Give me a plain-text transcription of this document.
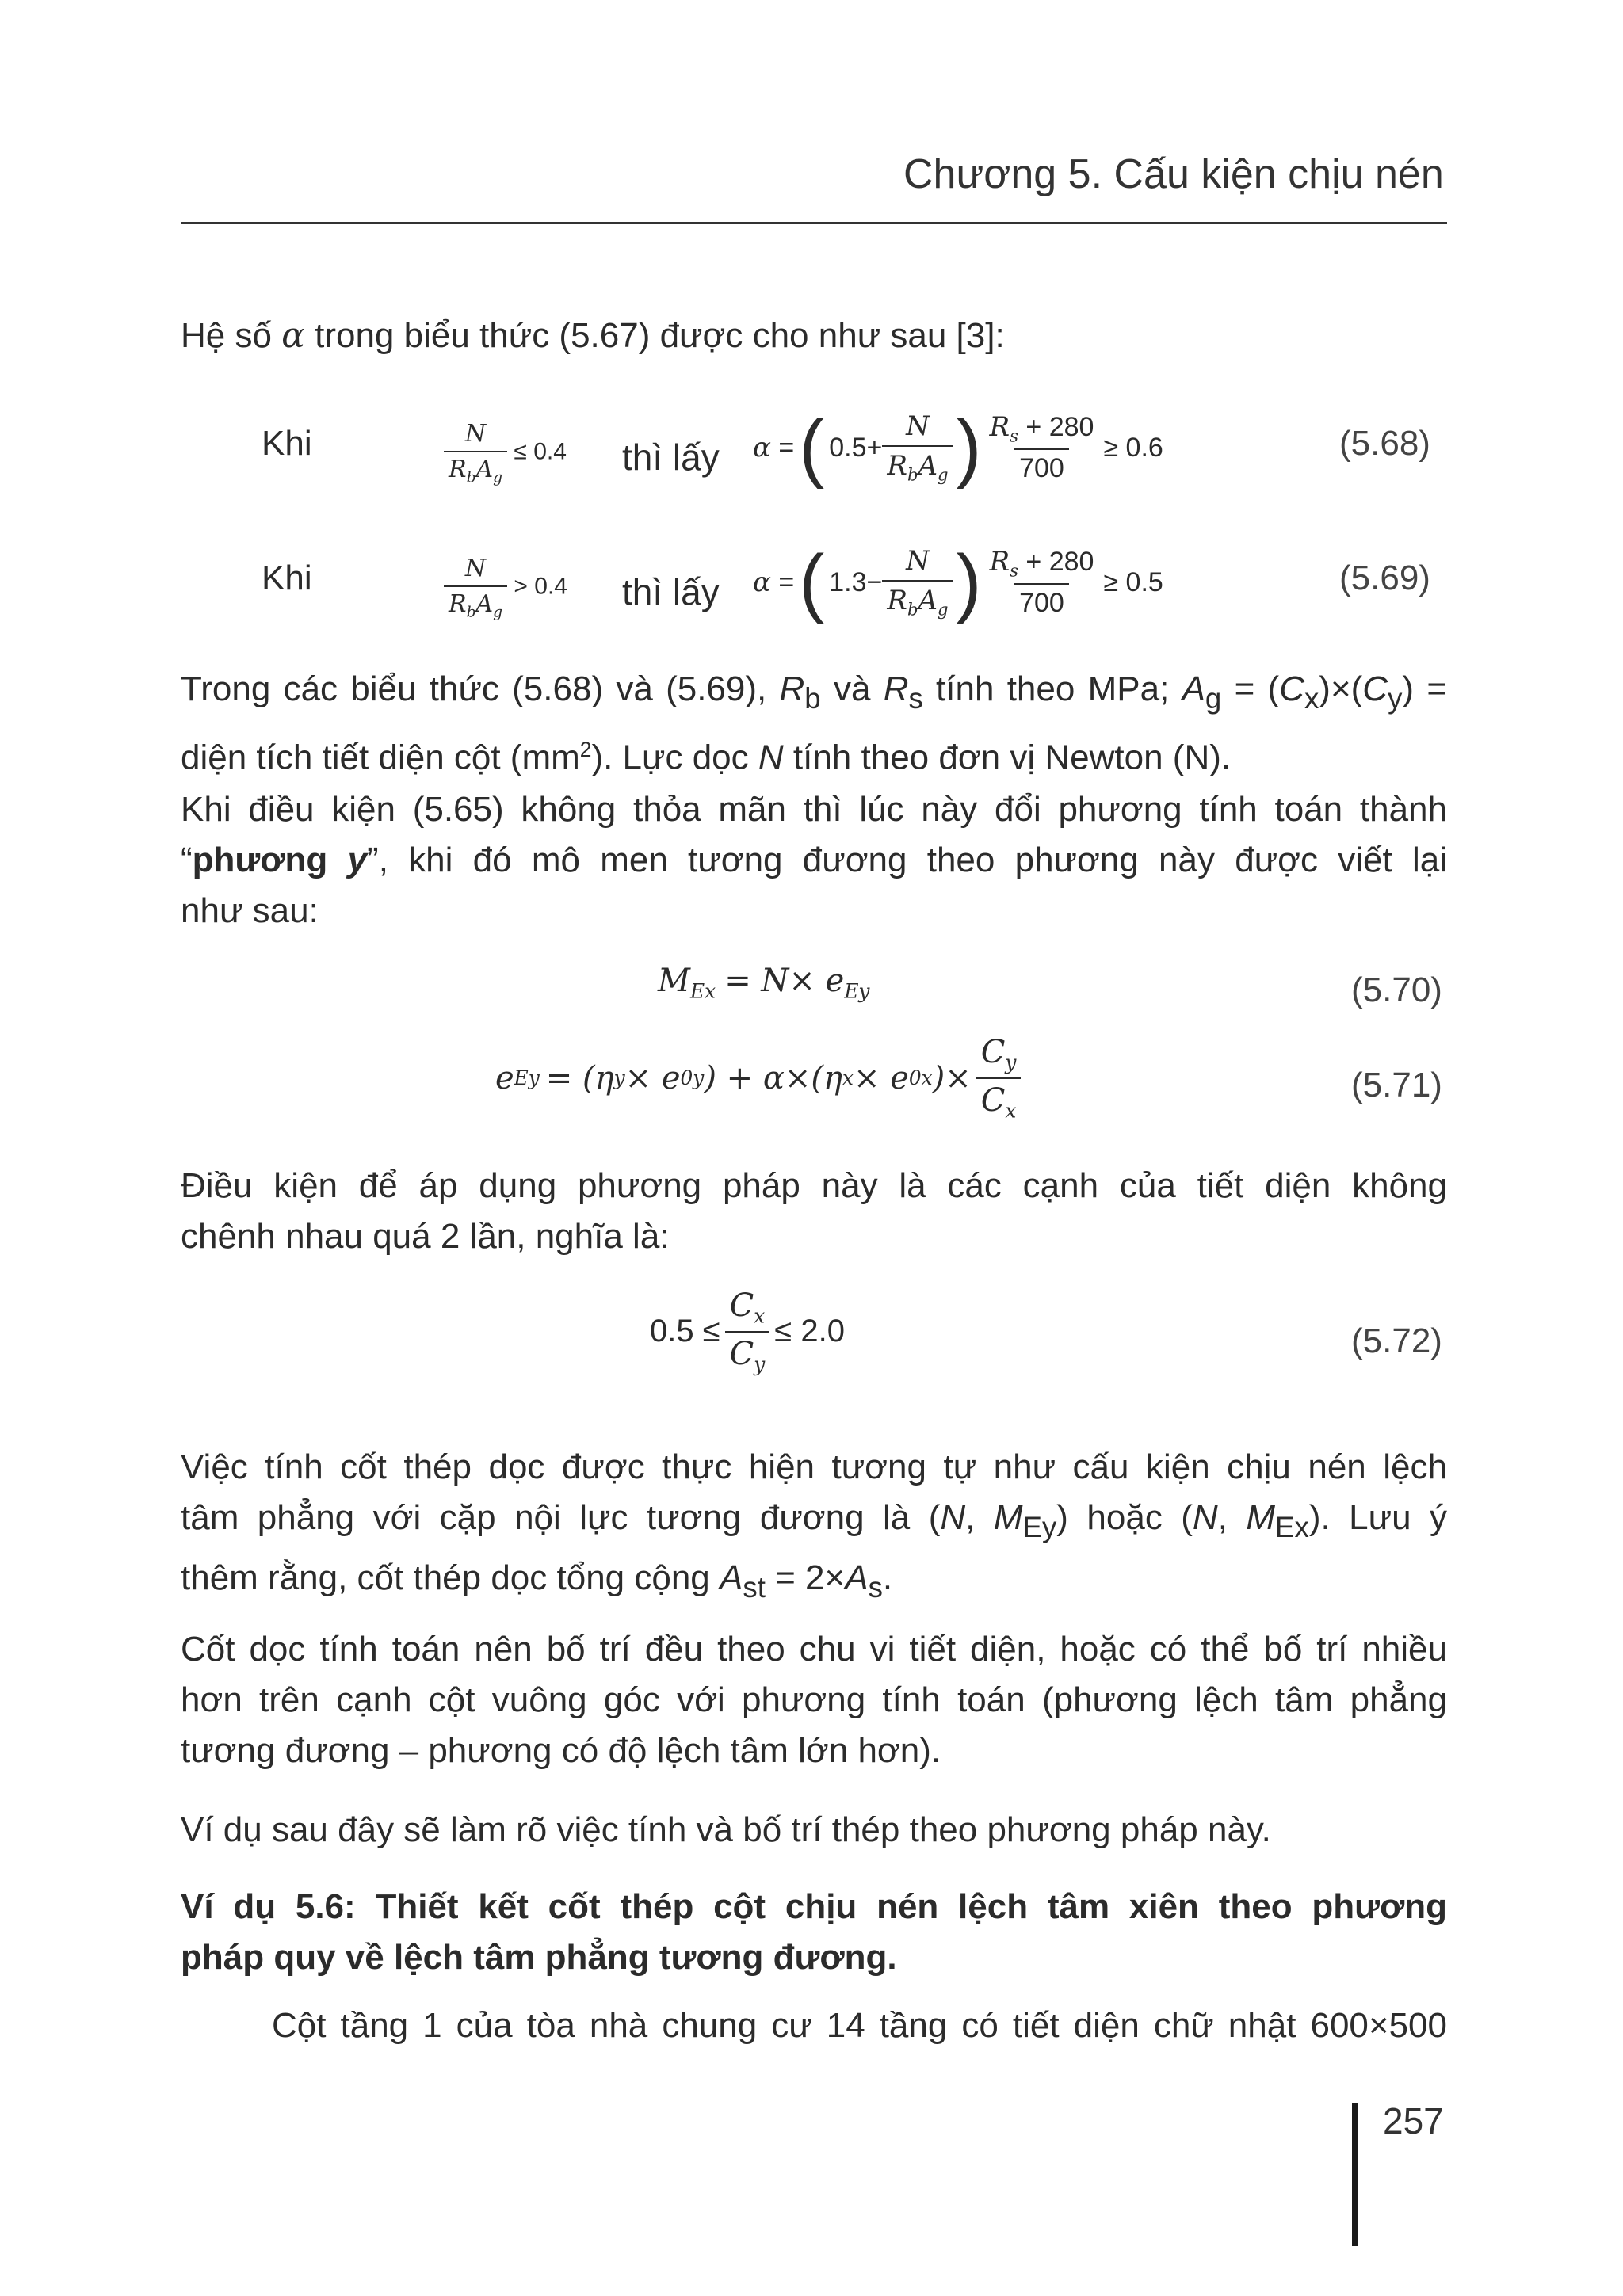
Chương 5. Cấu kiện chịu nén
Hệ số α trong biểu thức (5.67) được cho như sau [3]:
Khi	$\frac{N}{R_bA_g} \le 0.4$ thì lấy α
= ( $0.5+ \frac{N}{R_bA_g}$ ) $\frac{R_s + 280}{700} \ge 0.6$	(5.68)
Khi	$\frac{N}{R_bA_g} > 0.4$ thì lấy α
= ( $1.3- \frac{N}{R_bA_g}$ ) $\frac{R_s + 280}{700} \ge 0.5$	(5.69)
Trong các biểu thức (5.68) và (5.69), $R_b$ và $R_s$ tính theo MPa; $A_g = (C_x)\times(C_y)$ =
diện tích tiết diện cột $(mm^2)$. Lực dọc N tính theo đơn vị Newton (N).
Khi điều kiện (5.65) không thỏa mãn thì lúc này đổi phương tính toán thành
“phương y”, khi đó mô men tương đương theo phương này được viết lại
như sau:
$M_{Ex} = N\times e_{Ey}$	(5.70)
e Ey = (η y × e 0y ) + α×(η x × e 0x )× $\frac{C_y}{C_x}$	(5.71)
Điều kiện để áp dụng phương pháp này là các cạnh của tiết diện không
chênh nhau quá 2 lần, nghĩa là:
$0.5 \le \frac{C_x}{C_y} \le 2.0$	(5.72)
Việc tính cốt thép dọc được thực hiện tương tự như cấu kiện chịu nén lệch
tâm phẳng với cặp nội lực tương đương là (N, $M_{Ey}$) hoặc (N, $M_{Ex}$). Lưu ý
thêm rằng, cốt thép dọc tổng cộng $A_{st} = 2\times A_s$.
Cốt dọc tính toán nên bố trí đều theo chu vi tiết diện, hoặc có thể bố trí nhiều
hơn trên cạnh cột vuông góc với phương tính toán (phương lệch tâm phẳng
tương đương – phương có độ lệch tâm lớn hơn).
Ví dụ sau đây sẽ làm rõ việc tính và bố trí thép theo phương pháp này.
Ví dụ 5.6: Thiết kết cốt thép cột chịu nén lệch tâm xiên theo phương
pháp quy về lệch tâm phẳng tương đương.
Cột tầng 1 của tòa nhà chung cư 14 tầng có tiết diện chữ nhật 600×500
257
